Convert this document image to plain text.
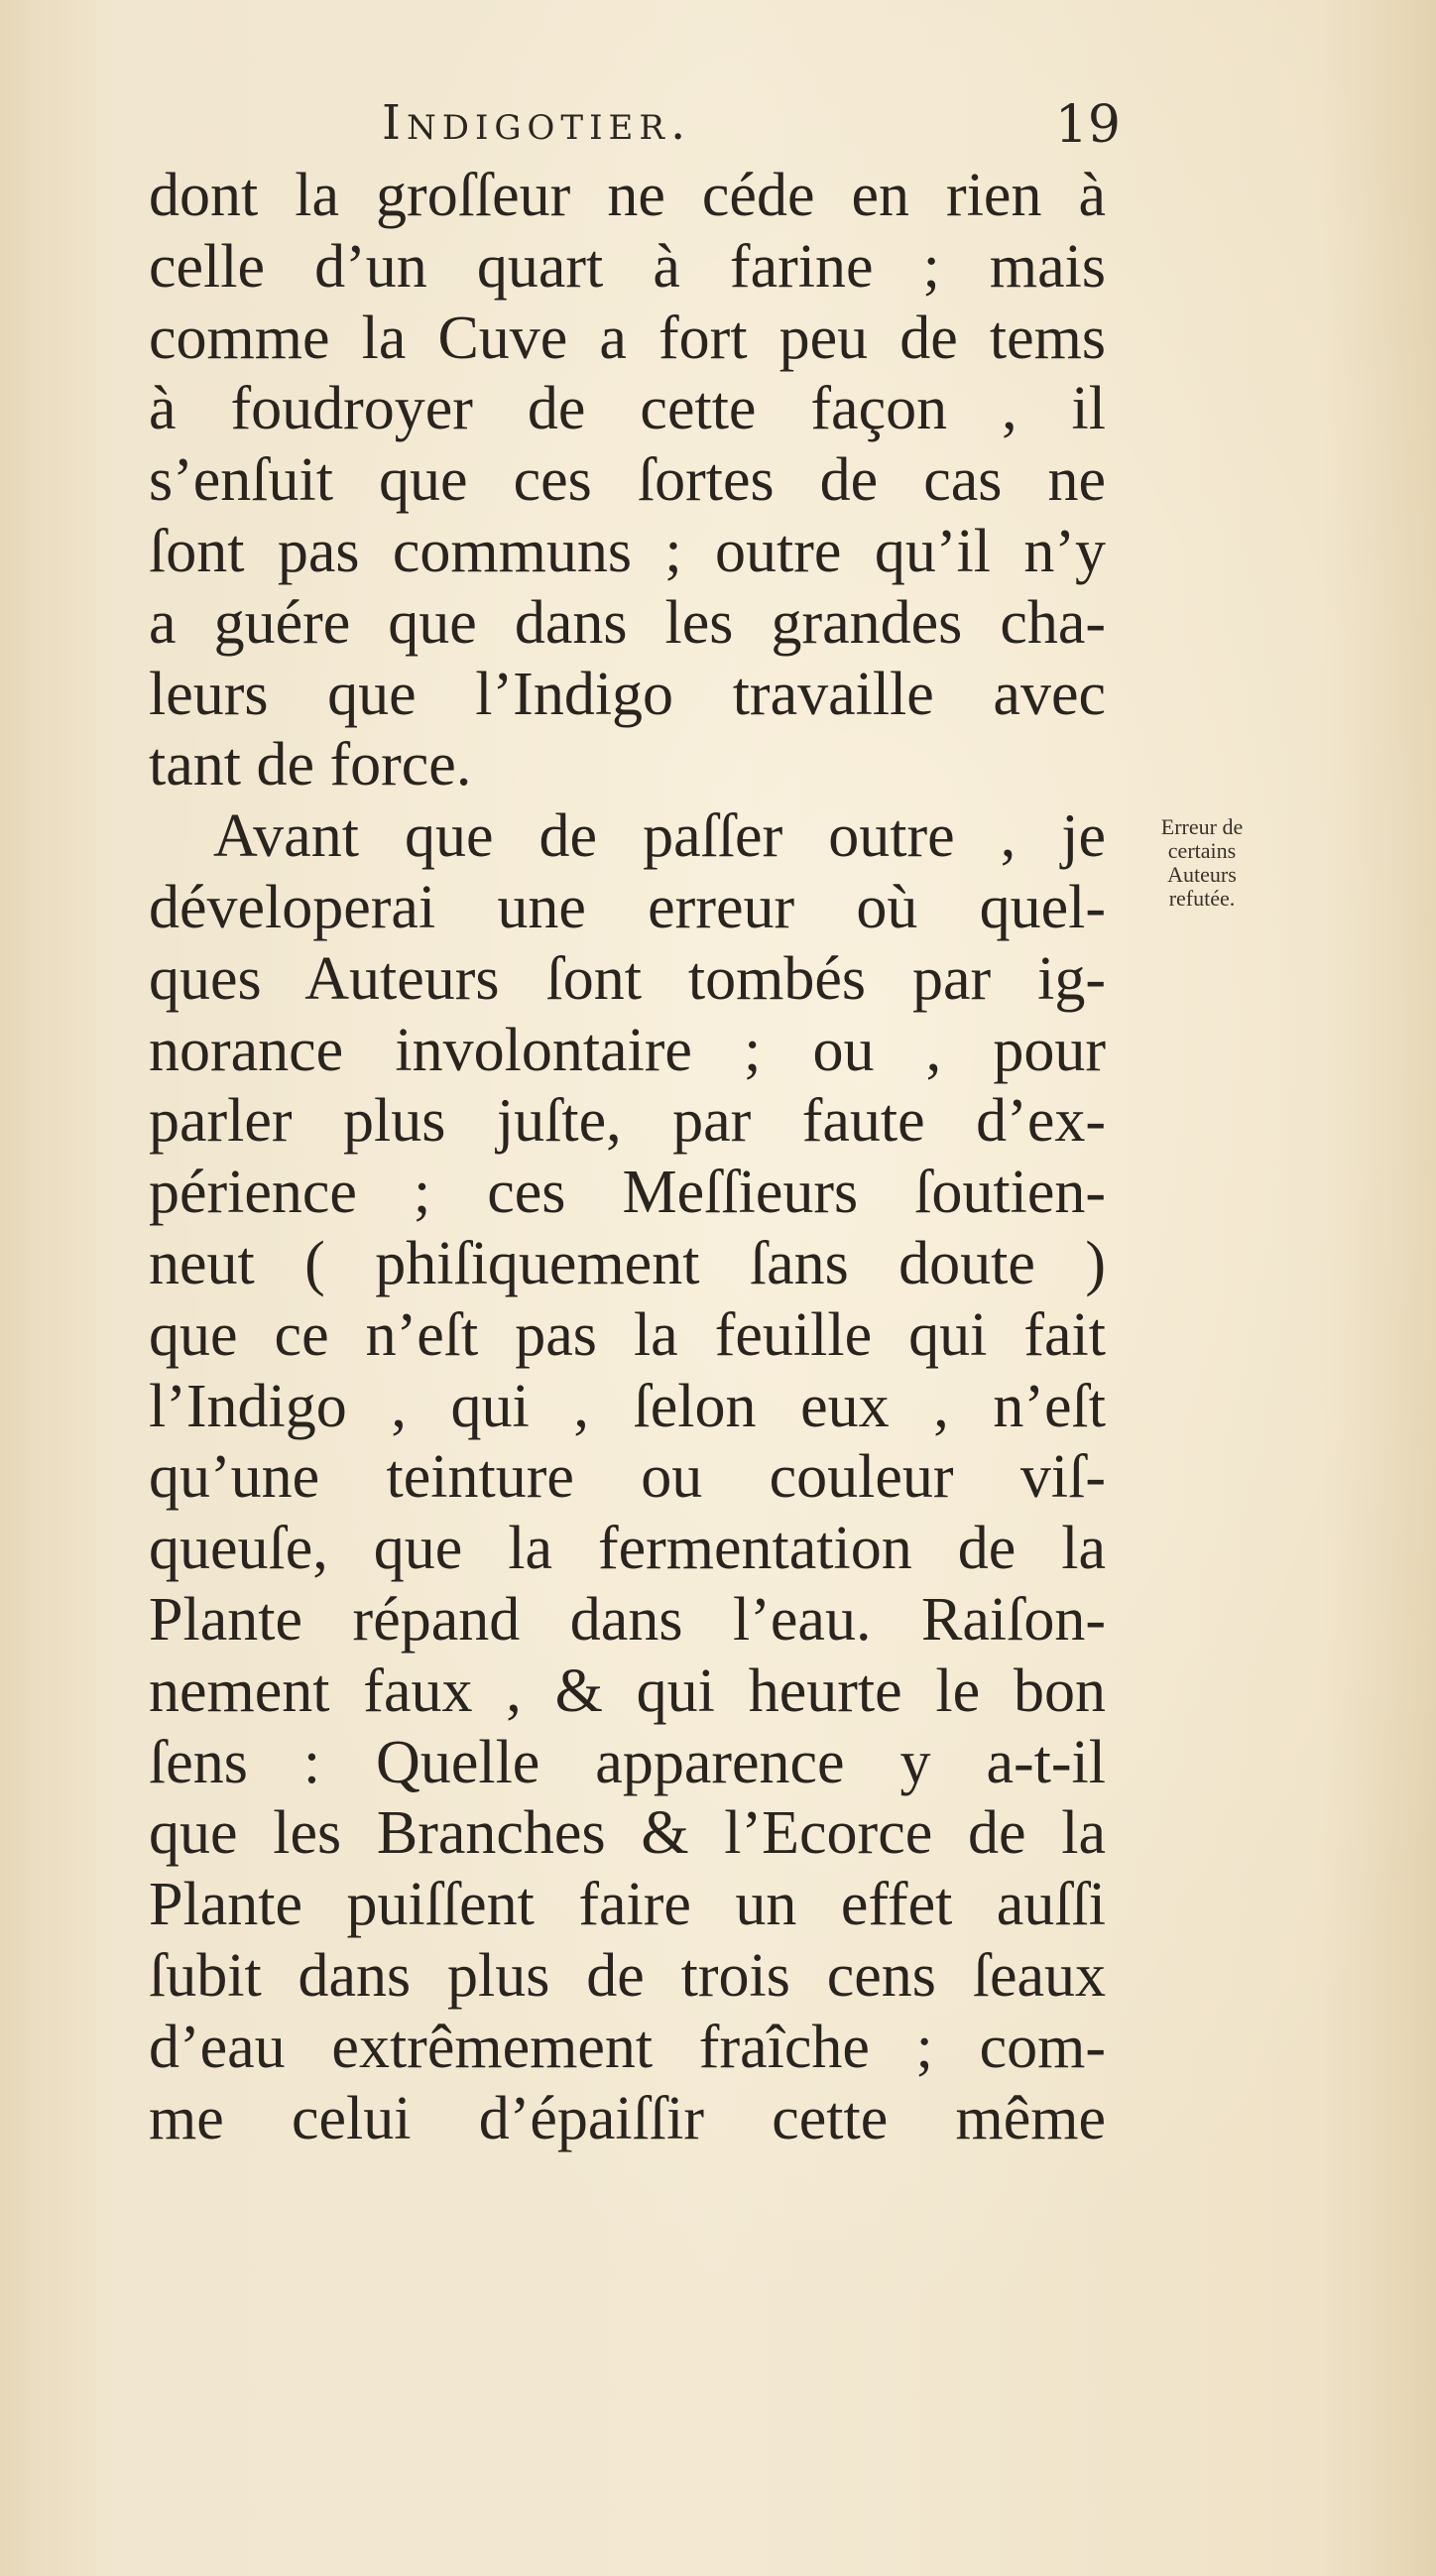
Indigotier.	19
dont la groſſeur ne céde en rien à
celle d’un quart à farine ; mais
comme la Cuve a fort peu de tems
à foudroyer de cette façon , il
s’enſuit que ces ſortes de cas ne
ſont pas communs ; outre qu’il n’y
a guére que dans les grandes cha-
leurs que l’Indigo travaille avec
tant de force.
Avant que de paſſer outre , je
déveloperai une erreur où quel-
ques Auteurs ſont tombés par ig-
norance involontaire ; ou , pour
parler plus juſte, par faute d’ex-
périence ; ces Meſſieurs ſoutien-
neut ( phiſiquement ſans doute )
que ce n’eſt pas la feuille qui fait
l’Indigo , qui , ſelon eux , n’eſt
qu’une teinture ou couleur viſ-
queuſe, que la fermentation de la
Plante répand dans l’eau. Raiſon-
nement faux , & qui heurte le bon
ſens : Quelle apparence y a-t-il
que les Branches & l’Ecorce de la
Plante puiſſent faire un effet auſſi
ſubit dans plus de trois cens ſeaux
d’eau extrêmement fraîche ; com-
me celui d’épaiſſir cette même
Erreur de
certains
Auteurs
refutée.
